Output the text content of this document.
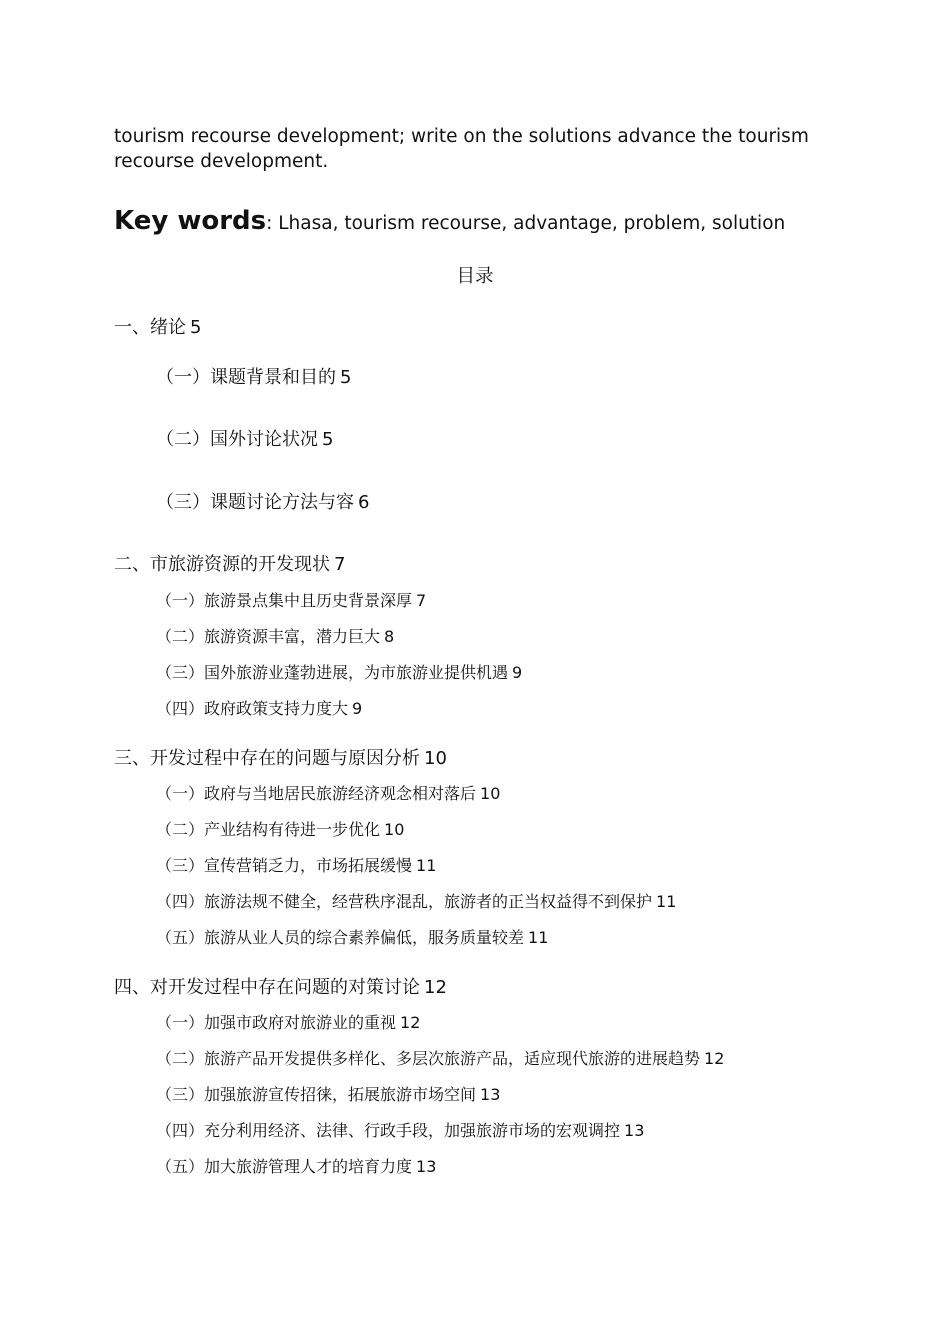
tourism recourse development; write on the solutions advance the tourism
recourse development.

Key words: Lhasa, tourism recourse, advantage, problem, solution

目录

一、绪论 5

（一）课题背景和目的 5

（二）国外讨论状况 5

（三）课题讨论方法与容 6

二、市旅游资源的开发现状 7

（一）旅游景点集中且历史背景深厚 7

（二）旅游资源丰富，潜力巨大 8

（三）国外旅游业蓬勃进展，为市旅游业提供机遇 9

（四）政府政策支持力度大 9

三、开发过程中存在的问题与原因分析 10

（一）政府与当地居民旅游经济观念相对落后 10

（二）产业结构有待进一步优化 10

（三）宣传营销乏力，市场拓展缓慢 11

（四）旅游法规不健全，经营秩序混乱，旅游者的正当权益得不到保护 11

（五）旅游从业人员的综合素养偏低，服务质量较差 11

四、对开发过程中存在问题的对策讨论 12

（一）加强市政府对旅游业的重视 12

（二）旅游产品开发提供多样化、多层次旅游产品，适应现代旅游的进展趋势 12

（三）加强旅游宣传招徕，拓展旅游市场空间 13

（四）充分利用经济、法律、行政手段，加强旅游市场的宏观调控 13

（五）加大旅游管理人才的培育力度 13
